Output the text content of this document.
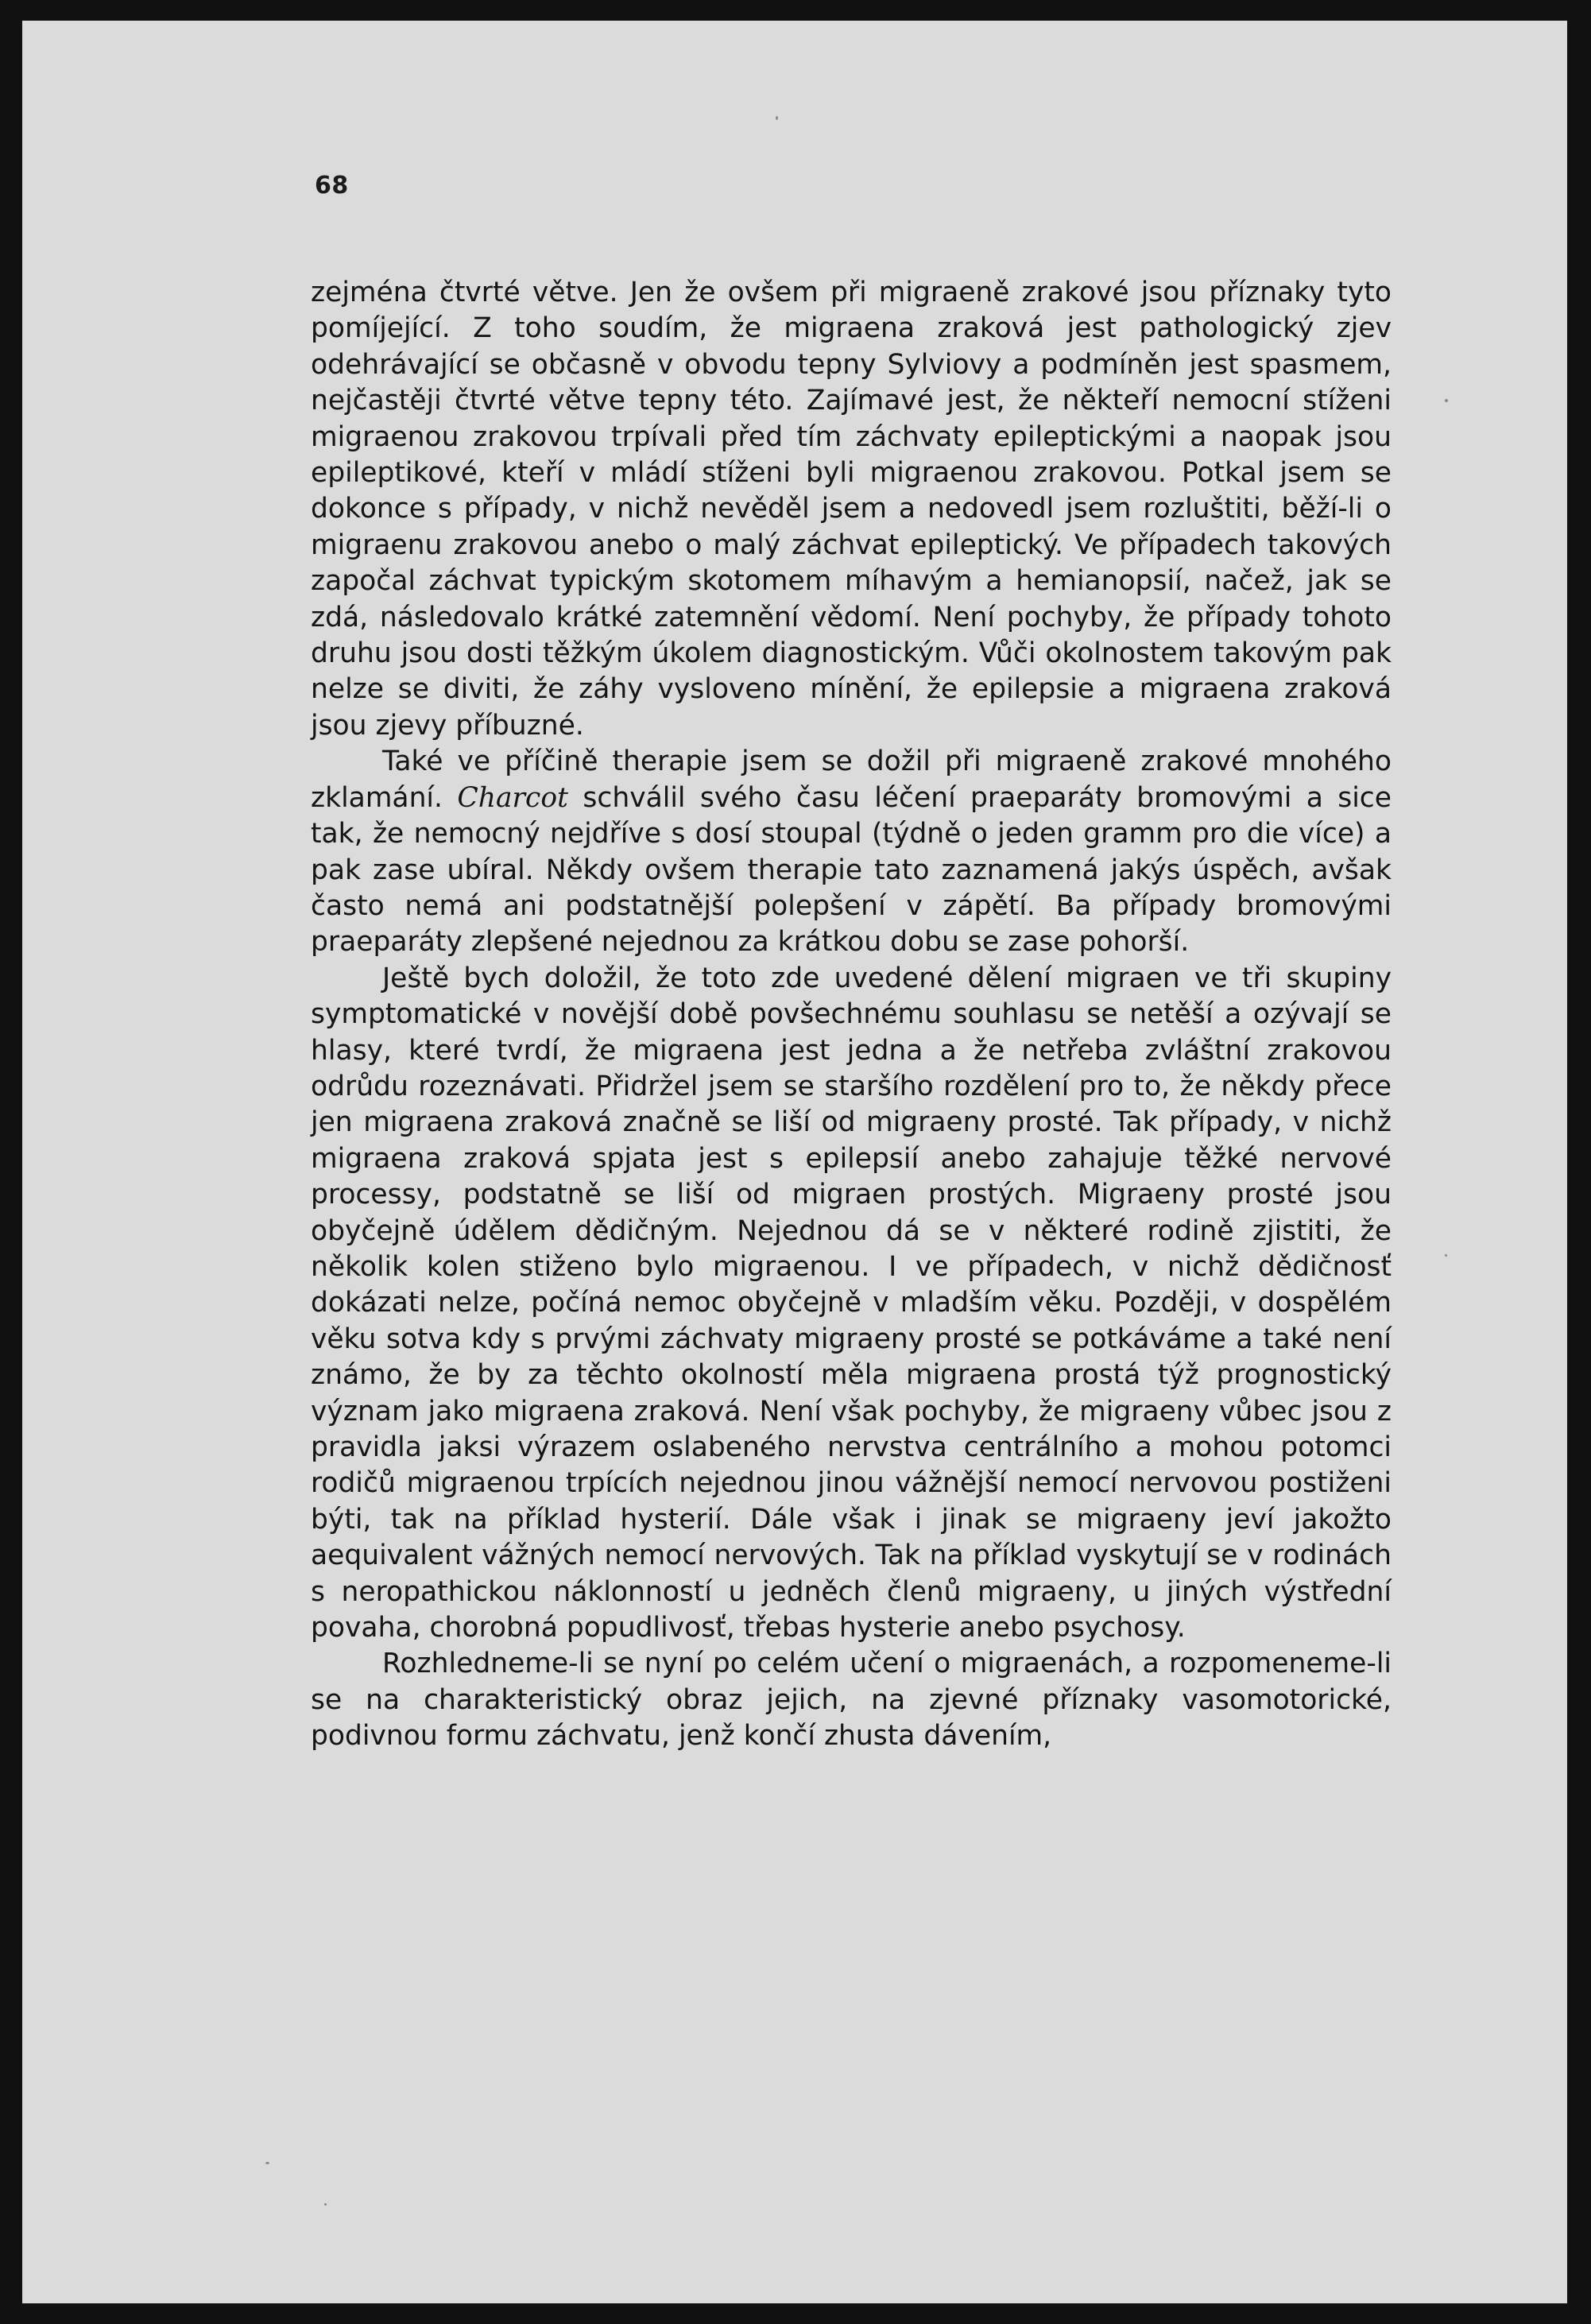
68

zejména čtvrté větve. Jen že ovšem při migraeně zrakové jsou příznaky tyto pomíjející. Z toho soudím, že migraena zraková jest pathologický zjev odehrávající se občasně v obvodu tepny Sylviovy a podmíněn jest spasmem, nejčastěji čtvrté větve tepny této. Zajímavé jest, že někteří nemocní stíženi migraenou zrakovou trpívali před tím záchvaty epileptickými a naopak jsou epileptikové, kteří v mládí stíženi byli migraenou zrakovou. Potkal jsem se dokonce s případy, v nichž nevěděl jsem a nedovedl jsem rozluštiti, běží-li o migraenu zrakovou anebo o malý záchvat epileptický. Ve případech takových započal záchvat typickým skotomem míhavým a hemianopsií, načež, jak se zdá, následovalo krátké zatemnění vědomí. Není pochyby, že případy tohoto druhu jsou dosti těžkým úkolem diagnostickým. Vůči okolnostem takovým pak nelze se diviti, že záhy vysloveno mínění, že epilepsie a migraena zraková jsou zjevy příbuzné.

Také ve příčině therapie jsem se dožil při migraeně zrakové mnohého zklamání. Charcot schválil svého času léčení praeparáty bromovými a sice tak, že nemocný nejdříve s dosí stoupal (týdně o jeden gramm pro die více) a pak zase ubíral. Někdy ovšem therapie tato zaznamená jakýs úspěch, avšak často nemá ani podstatnější polepšení v zápětí. Ba případy bromovými praeparáty zlepšené nejednou za krátkou dobu se zase pohorší.

Ještě bych doložil, že toto zde uvedené dělení migraen ve tři skupiny symptomatické v novější době povšechnému souhlasu se netěší a ozývají se hlasy, které tvrdí, že migraena jest jedna a že netřeba zvláštní zrakovou odrůdu rozeznávati. Přidržel jsem se staršího rozdělení pro to, že někdy přece jen migraena zraková značně se liší od migraeny prosté. Tak případy, v nichž migraena zraková spjata jest s epilepsií anebo zahajuje těžké nervové processy, podstatně se liší od migraen prostých. Migraeny prosté jsou obyčejně údělem dědičným. Nejednou dá se v některé rodině zjistiti, že několik kolen stiženo bylo migraenou. I ve případech, v nichž dědičnosť dokázati nelze, počíná nemoc obyčejně v mladším věku. Později, v dospělém věku sotva kdy s prvými záchvaty migraeny prosté se potkáváme a také není známo, že by za těchto okolností měla migraena prostá týž prognostický význam jako migraena zraková. Není však pochyby, že migraeny vůbec jsou z pravidla jaksi výrazem oslabeného nervstva centrálního a mohou potomci rodičů migraenou trpících nejednou jinou vážnější nemocí nervovou postiženi býti, tak na příklad hysterií. Dále však i jinak se migraeny jeví jakožto aequivalent vážných nemocí nervových. Tak na příklad vyskytují se v rodinách s neropathickou náklonností u jedněch členů migraeny, u jiných výstřední povaha, chorobná popudlivosť, třebas hysterie anebo psychosy.

Rozhledneme-li se nyní po celém učení o migraenách, a rozpomeneme-li se na charakteristický obraz jejich, na zjevné příznaky vasomotorické, podivnou formu záchvatu, jenž končí zhusta dávením,
